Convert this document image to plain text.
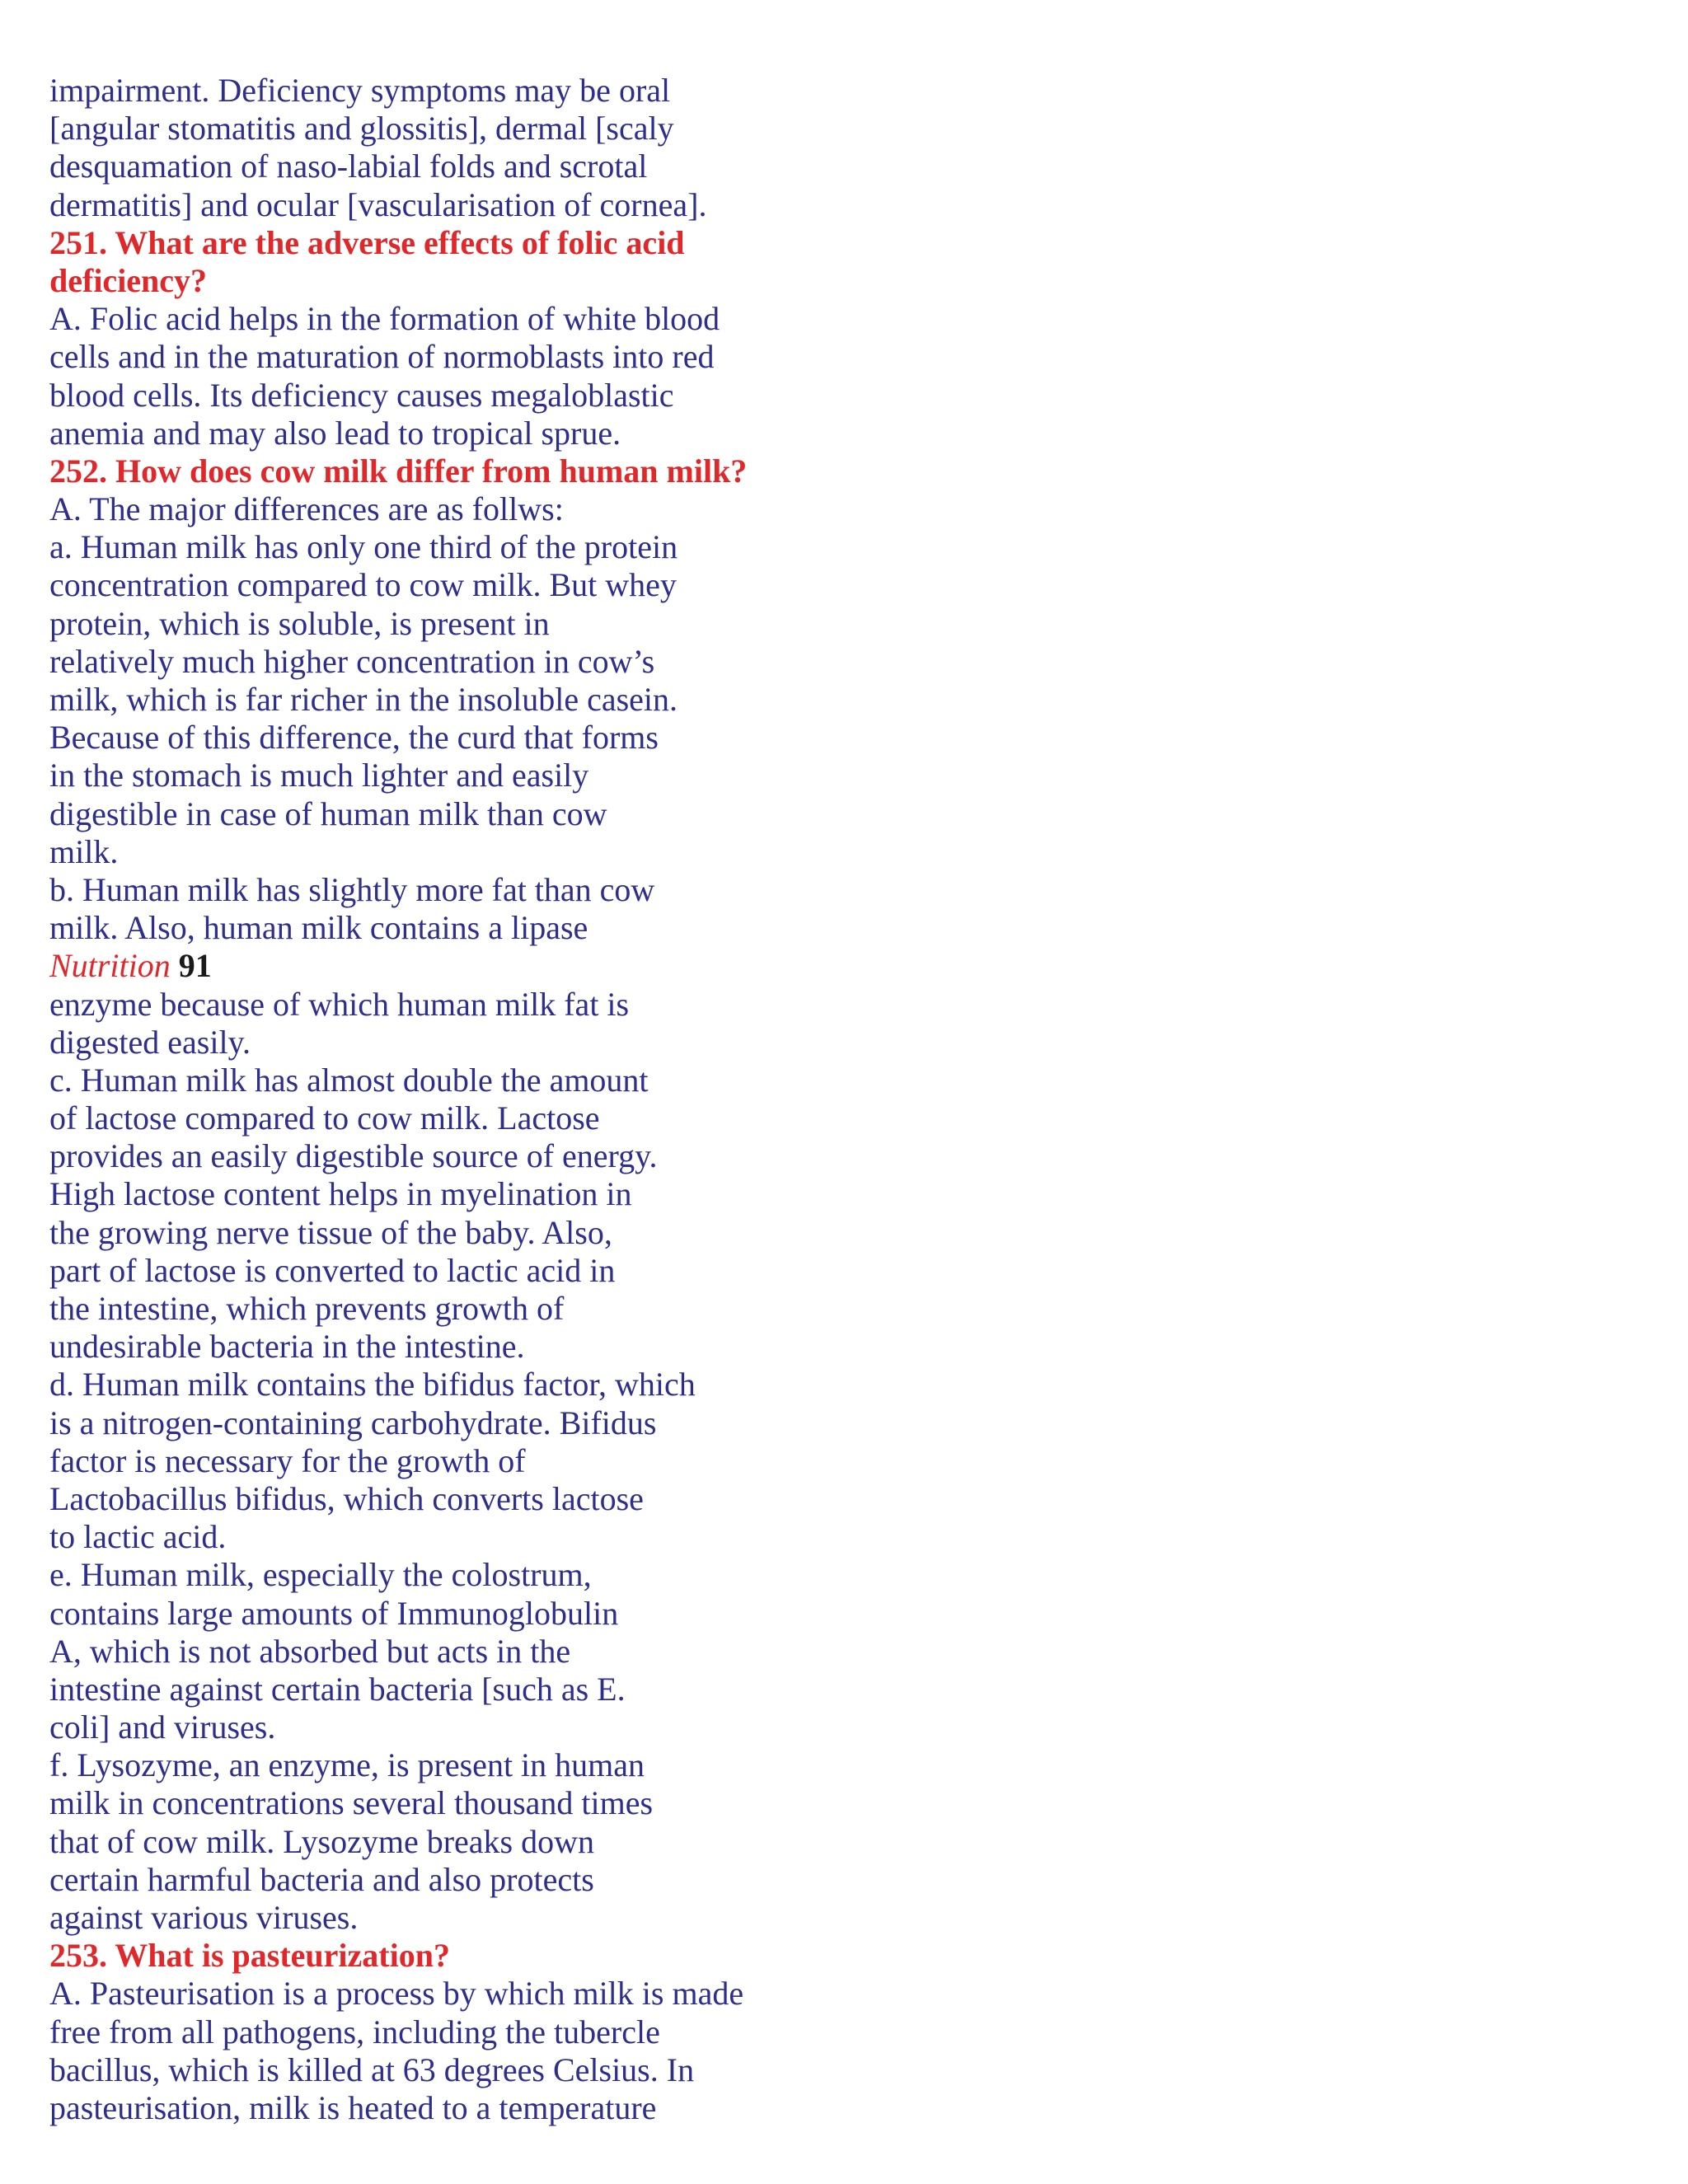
impairment. Deficiency symptoms may be oral
[angular stomatitis and glossitis], dermal [scaly
desquamation of naso-labial folds and scrotal
dermatitis] and ocular [vascularisation of cornea].
251. What are the adverse effects of folic acid
deficiency?
A. Folic acid helps in the formation of white blood
cells and in the maturation of normoblasts into red
blood cells. Its deficiency causes megaloblastic
anemia and may also lead to tropical sprue.
252. How does cow milk differ from human milk?
A. The major differences are as follws:
a. Human milk has only one third of the protein
concentration compared to cow milk. But whey
protein, which is soluble, is present in
relatively much higher concentration in cow’s
milk, which is far richer in the insoluble casein.
Because of this difference, the curd that forms
in the stomach is much lighter and easily
digestible in case of human milk than cow
milk.
b. Human milk has slightly more fat than cow
milk. Also, human milk contains a lipase
Nutrition 91
enzyme because of which human milk fat is
digested easily.
c. Human milk has almost double the amount
of lactose compared to cow milk. Lactose
provides an easily digestible source of energy.
High lactose content helps in myelination in
the growing nerve tissue of the baby. Also,
part of lactose is converted to lactic acid in
the intestine, which prevents growth of
undesirable bacteria in the intestine.
d. Human milk contains the bifidus factor, which
is a nitrogen-containing carbohydrate. Bifidus
factor is necessary for the growth of
Lactobacillus bifidus, which converts lactose
to lactic acid.
e. Human milk, especially the colostrum,
contains large amounts of Immunoglobulin
A, which is not absorbed but acts in the
intestine against certain bacteria [such as E.
coli] and viruses.
f. Lysozyme, an enzyme, is present in human
milk in concentrations several thousand times
that of cow milk. Lysozyme breaks down
certain harmful bacteria and also protects
against various viruses.
253. What is pasteurization?
A. Pasteurisation is a process by which milk is made
free from all pathogens, including the tubercle
bacillus, which is killed at 63 degrees Celsius. In
pasteurisation, milk is heated to a temperature
